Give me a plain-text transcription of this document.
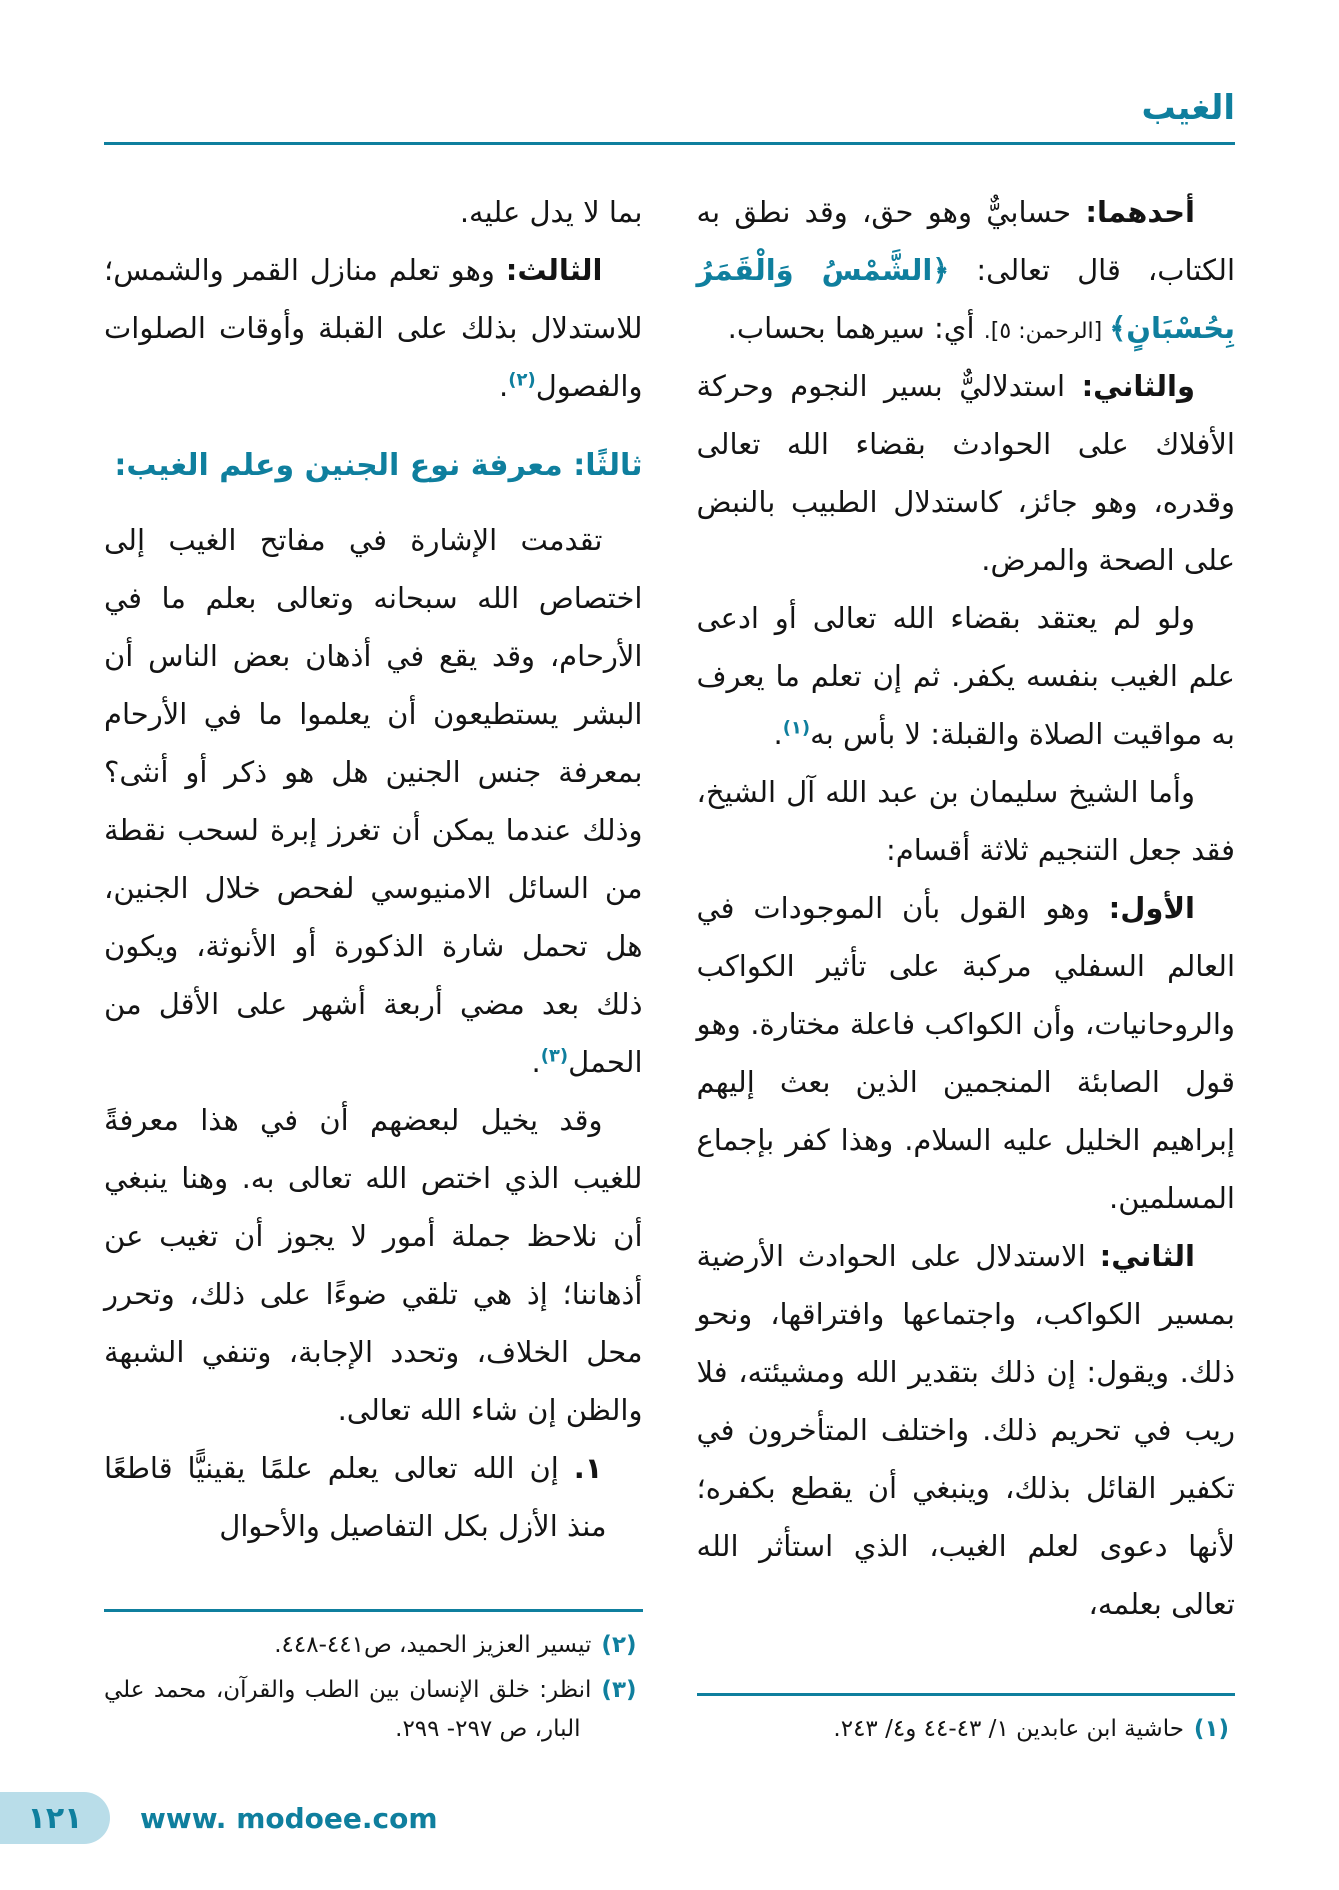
الغيب

أحدهما: حسابيٌّ وهو حق، وقد نطق به الكتاب، قال تعالى: ﴿الشَّمْسُ وَالْقَمَرُ بِحُسْبَانٍ﴾ [الرحمن: ٥]. أي: سيرهما بحساب.

والثاني: استدلاليٌّ بسير النجوم وحركة الأفلاك على الحوادث بقضاء الله تعالى وقدره، وهو جائز، كاستدلال الطبيب بالنبض على الصحة والمرض.

ولو لم يعتقد بقضاء الله تعالى أو ادعى علم الغيب بنفسه يكفر. ثم إن تعلم ما يعرف به مواقيت الصلاة والقبلة: لا بأس به$^{(١)}$.

وأما الشيخ سليمان بن عبد الله آل الشيخ، فقد جعل التنجيم ثلاثة أقسام:

الأول: وهو القول بأن الموجودات في العالم السفلي مركبة على تأثير الكواكب والروحانيات، وأن الكواكب فاعلة مختارة. وهو قول الصابئة المنجمين الذين بعث إليهم إبراهيم الخليل عليه السلام. وهذا كفر بإجماع المسلمين.

الثاني: الاستدلال على الحوادث الأرضية بمسير الكواكب، واجتماعها وافتراقها، ونحو ذلك. ويقول: إن ذلك بتقدير الله ومشيئته، فلا ريب في تحريم ذلك. واختلف المتأخرون في تكفير القائل بذلك، وينبغي أن يقطع بكفره؛ لأنها دعوى لعلم الغيب، الذي استأثر الله تعالى بعلمه،

(١)حاشية ابن عابدين ١/ ٤٣-٤٤ و٤/ ٢٤٣.

بما لا يدل عليه.

الثالث: وهو تعلم منازل القمر والشمس؛ للاستدلال بذلك على القبلة وأوقات الصلوات والفصول$^{(٢)}$.

ثالثًا: معرفة نوع الجنين وعلم الغيب:

تقدمت الإشارة في مفاتح الغيب إلى اختصاص الله سبحانه وتعالى بعلم ما في الأرحام، وقد يقع في أذهان بعض الناس أن البشر يستطيعون أن يعلموا ما في الأرحام بمعرفة جنس الجنين هل هو ذكر أو أنثى؟ وذلك عندما يمكن أن تغرز إبرة لسحب نقطة من السائل الامنيوسي لفحص خلال الجنين، هل تحمل شارة الذكورة أو الأنوثة، ويكون ذلك بعد مضي أربعة أشهر على الأقل من الحمل$^{(٣)}$.

وقد يخيل لبعضهم أن في هذا معرفةً للغيب الذي اختص الله تعالى به. وهنا ينبغي أن نلاحظ جملة أمور لا يجوز أن تغيب عن أذهاننا؛ إذ هي تلقي ضوءًا على ذلك، وتحرر محل الخلاف، وتحدد الإجابة، وتنفي الشبهة والظن إن شاء الله تعالى.

١. إن الله تعالى يعلم علمًا يقينيًّا قاطعًا منذ الأزل بكل التفاصيل والأحوال

(٢)تيسير العزيز الحميد، ص٤٤١-٤٤٨.

(٣)انظر: خلق الإنسان بين الطب والقرآن، محمد علي البار، ص ٢٩٧- ٢٩٩.

١٢١ www. modoee.com
